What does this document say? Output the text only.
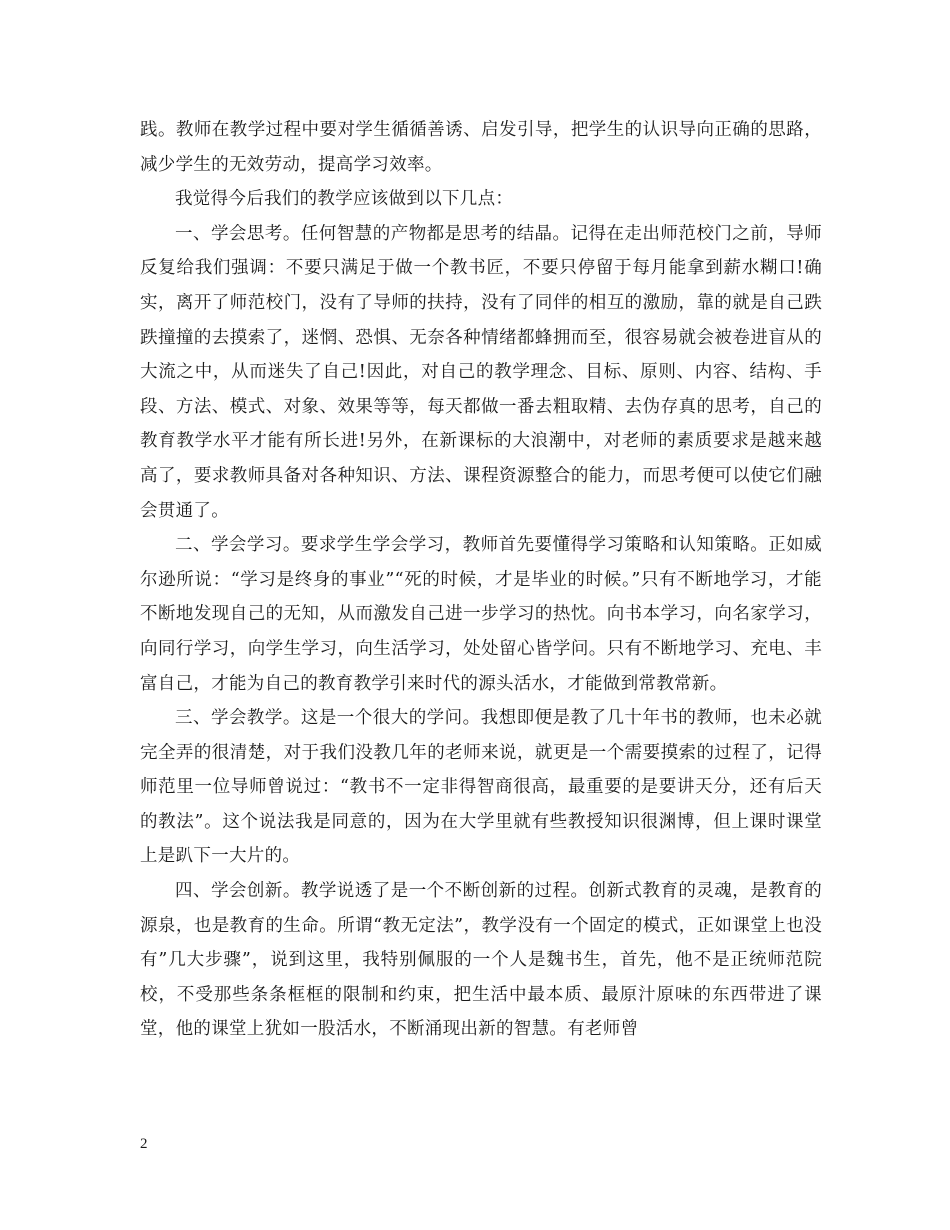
践。教师在教学过程中要对学生循循善诱、启发引导，把学生的认识导向正确的思路，减少学生的无效劳动，提高学习效率。

我觉得今后我们的教学应该做到以下几点：

一、学会思考。任何智慧的产物都是思考的结晶。记得在走出师范校门之前，导师反复给我们强调：不要只满足于做一个教书匠，不要只停留于每月能拿到薪水糊口!确实，离开了师范校门，没有了导师的扶持，没有了同伴的相互的激励，靠的就是自己跌跌撞撞的去摸索了，迷惘、恐惧、无奈各种情绪都蜂拥而至，很容易就会被卷进盲从的大流之中，从而迷失了自己!因此，对自己的教学理念、目标、原则、内容、结构、手段、方法、模式、对象、效果等等，每天都做一番去粗取精、去伪存真的思考，自己的教育教学水平才能有所长进!另外，在新课标的大浪潮中，对老师的素质要求是越来越高了，要求教师具备对各种知识、方法、课程资源整合的能力，而思考便可以使它们融会贯通了。

二、学会学习。要求学生学会学习，教师首先要懂得学习策略和认知策略。正如威尔逊所说：“学习是终身的事业”“死的时候，才是毕业的时候。”只有不断地学习，才能不断地发现自己的无知，从而激发自己进一步学习的热忱。向书本学习，向名家学习，向同行学习，向学生学习，向生活学习，处处留心皆学问。只有不断地学习、充电、丰富自己，才能为自己的教育教学引来时代的源头活水，才能做到常教常新。

三、学会教学。这是一个很大的学问。我想即便是教了几十年书的教师，也未必就完全弄的很清楚，对于我们没教几年的老师来说，就更是一个需要摸索的过程了，记得师范里一位导师曾说过：“教书不一定非得智商很高，最重要的是要讲天分，还有后天的教法”。这个说法我是同意的，因为在大学里就有些教授知识很渊博，但上课时课堂上是趴下一大片的。

四、学会创新。教学说透了是一个不断创新的过程。创新式教育的灵魂，是教育的源泉，也是教育的生命。所谓“教无定法”，教学没有一个固定的模式，正如课堂上也没有”几大步骤”，说到这里，我特别佩服的一个人是魏书生，首先，他不是正统师范院校，不受那些条条框框的限制和约束，把生活中最本质、最原汁原味的东西带进了课堂，他的课堂上犹如一股活水，不断涌现出新的智慧。有老师曾

2
